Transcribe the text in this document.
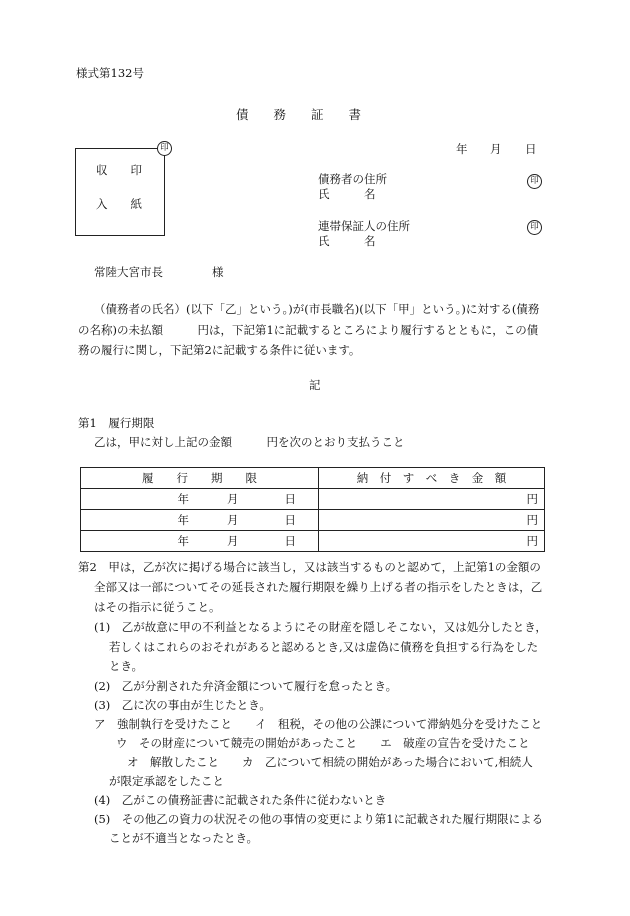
様式第132号
債　　務　　証　　書
年 月 日
収　　印
入　　紙
印
債務者の住所
氏　　　名
印
連帯保証人の住所
氏　　　名
印
常陸大宮市長	様
（債務者の氏名）(以下「乙」という。)が(市長職名)(以下「甲」という。)に対する(債務
の名称)の未払額　　　円は，下記第1に記載するところにより履行するとともに，この債
務の履行に関し，下記第2に記載する条件に従います。
記
第1　履行期限
乙は，甲に対し上記の金額　　　円を次のとおり支払うこと
履　　行　　期　　限	納　付　す　べ　き　金　額
年 月 日	円
年 月 日	円
年 月 日	円
第2　甲は，乙が次に掲げる場合に該当し，又は該当するものと認めて，上記第1の金額の
全部又は一部についてその延長された履行期限を繰り上げる者の指示をしたときは，乙
はその指示に従うこと。
(1)　乙が故意に甲の不利益となるようにその財産を隠しそこない，又は処分したとき，
若しくはこれらのおそれがあると認めるとき,又は虚偽に債務を負担する行為をした
とき。
(2)　乙が分割された弁済金額について履行を怠ったとき。
(3)　乙に次の事由が生じたとき。
ア　強制執行を受けたこと　　イ　租税，その他の公課について滞納処分を受けたこと
ウ　その財産について競売の開始があったこと　　エ　破産の宣告を受けたこと
オ　解散したこと　　カ　乙について相続の開始があった場合において,相続人
が限定承認をしたこと
(4)　乙がこの債務証書に記載された条件に従わないとき
(5)　その他乙の資力の状況その他の事情の変更により第1に記載された履行期限による
ことが不適当となったとき。
